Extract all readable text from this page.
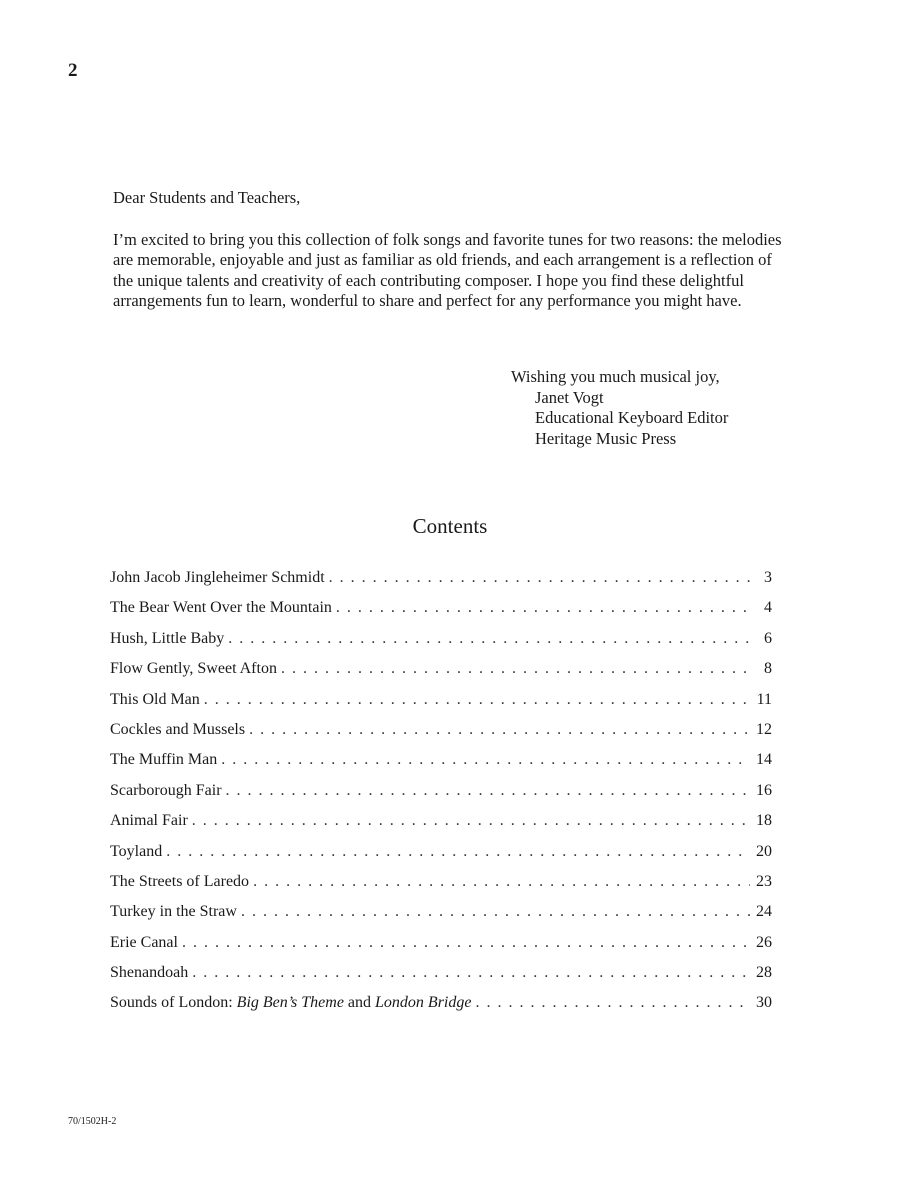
2

Dear Students and Teachers,

I’m excited to bring you this collection of folk songs and favorite tunes for two reasons: the melodies are memorable, enjoyable and just as familiar as old friends, and each arrangement is a reflection of the unique talents and creativity of each contributing composer. I hope you find these delightful arrangements fun to learn, wonderful to share and perfect for any performance you might have.

Wishing you much musical joy,
Janet Vogt
Educational Keyboard Editor
Heritage Music Press
Contents
John Jacob Jingleheimer Schmidt . . .	3
The Bear Went Over the Mountain . . .	4
Hush, Little Baby . . .	6
Flow Gently, Sweet Afton . . .	8
This Old Man . . .	11
Cockles and Mussels . . .	12
The Muffin Man . . .	14
Scarborough Fair . . .	16
Animal Fair . . .	18
Toyland . . .	20
The Streets of Laredo . . .	23
Turkey in the Straw . . .	24
Erie Canal . . .	26
Shenandoah . . .	28
Sounds of London: Big Ben’s Theme and London Bridge . . .	30
70/1502H-2
